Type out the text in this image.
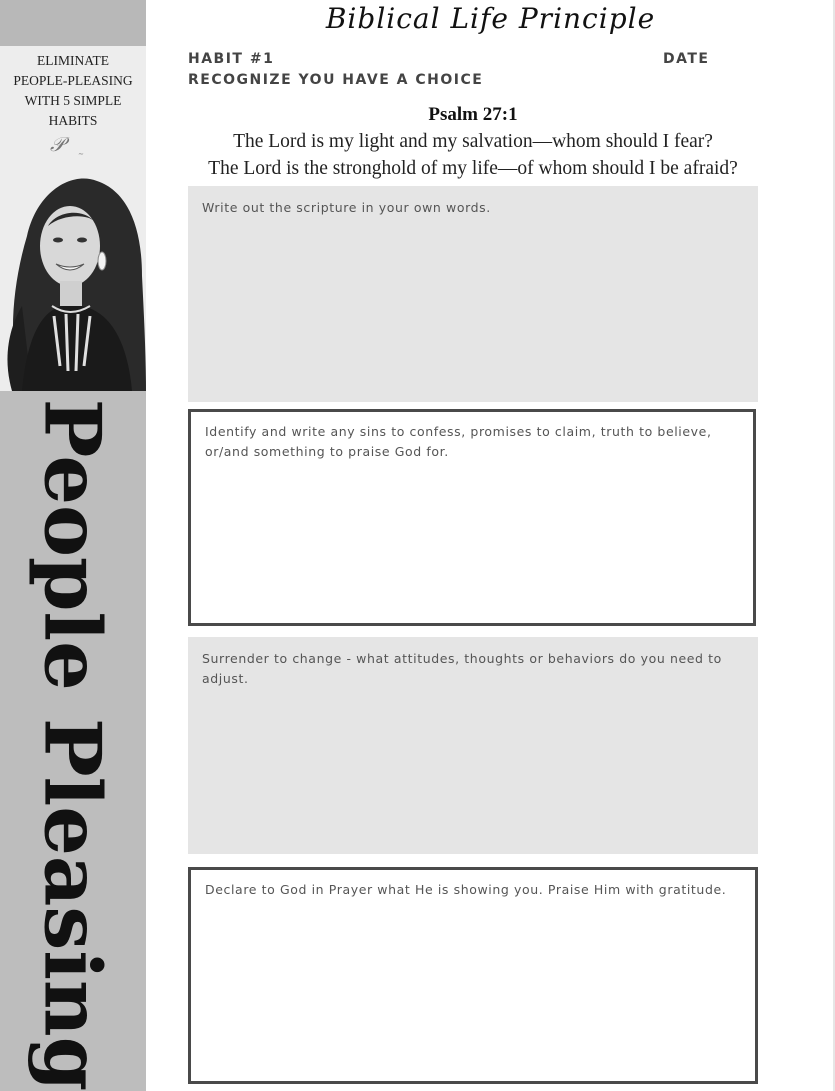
ELIMINATE
PEOPLE-PLEASING
WITH 5 SIMPLE
HABITS
𝒫 ∼
People Pleasing
Biblical Life Principle
HABIT #1
RECOGNIZE YOU HAVE A CHOICE
DATE
Psalm 27:1
The Lord is my light and my salvation—whom should I fear?
The Lord is the stronghold of my life—of whom should I be afraid?
Write out the scripture in your own words.
Identify and write any sins to confess, promises to claim, truth to believe, or/and something to praise God for.
Surrender to change - what attitudes, thoughts or behaviors do you need to adjust.
Declare to God in Prayer what He is showing you. Praise Him with gratitude.
